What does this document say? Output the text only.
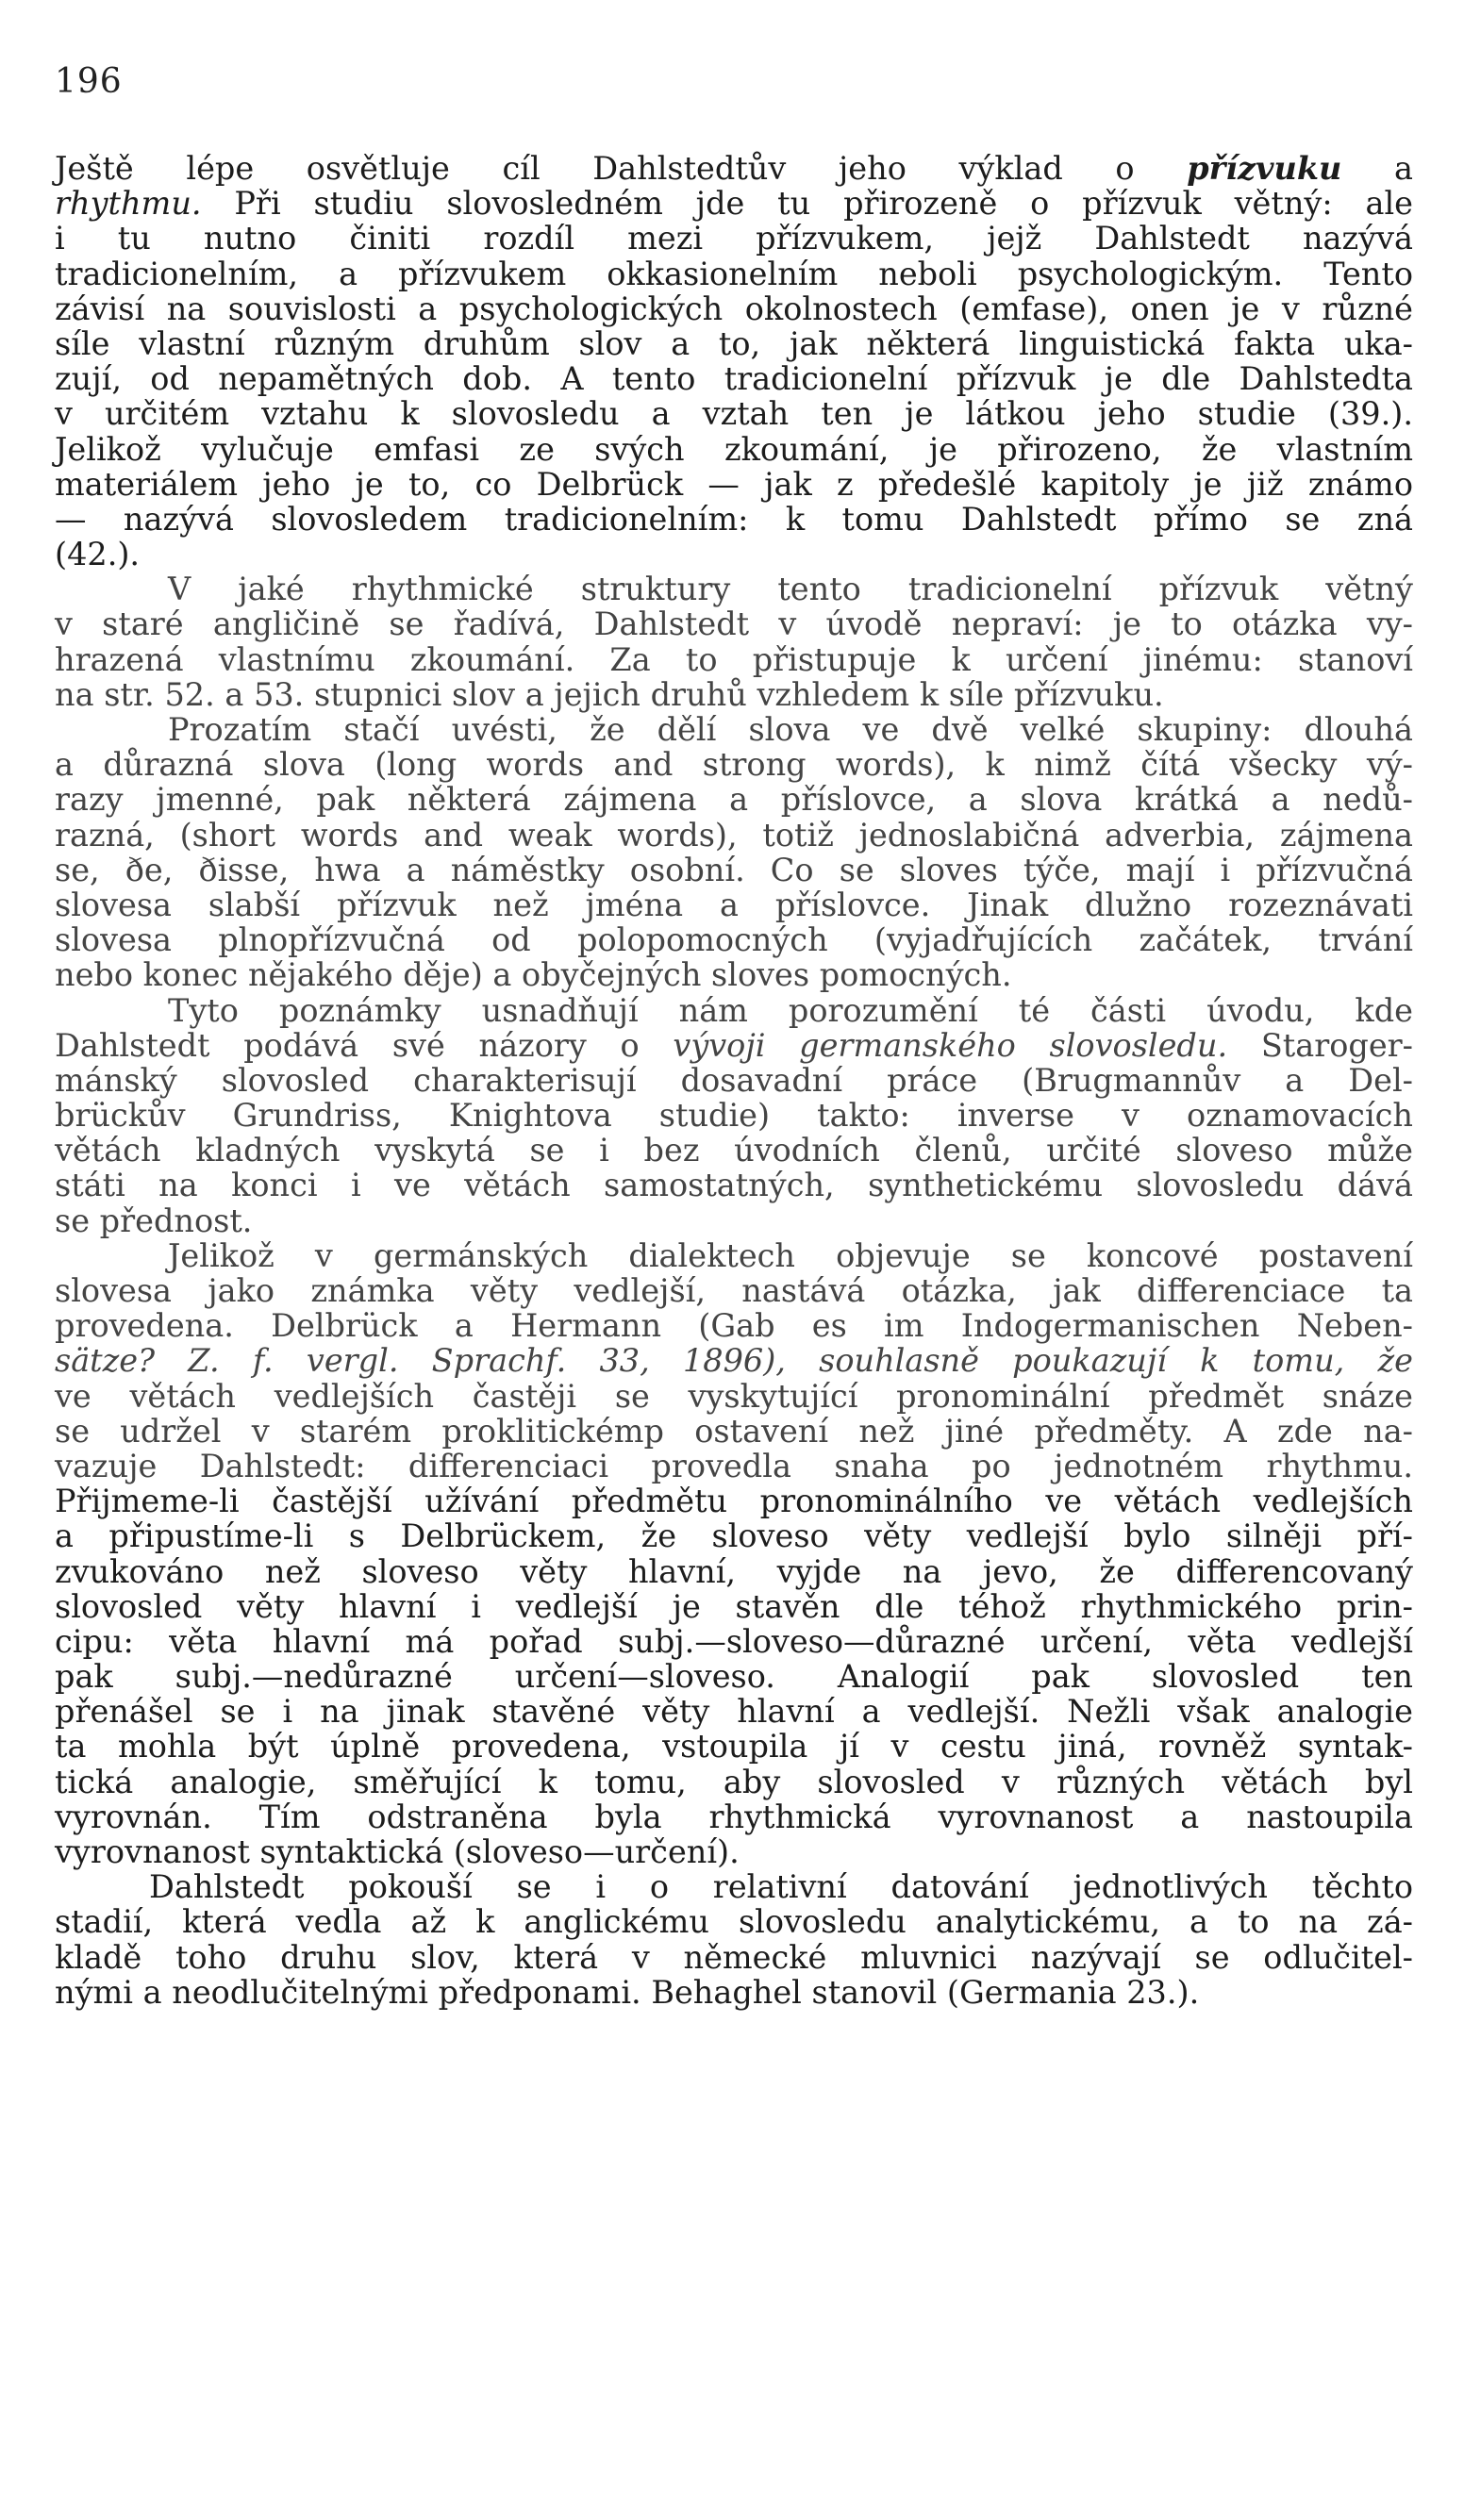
196
Ještě lépe osvětluje cíl Dahlstedtův jeho výklad o přízvuku a
rhythmu. Při studiu slovosledném jde tu přirozeně o přízvuk větný: ale
i tu nutno činiti rozdíl mezi přízvukem, jejž Dahlstedt nazývá
tradicionelním, a přízvukem okkasionelním neboli psychologickým. Tento
závisí na souvislosti a psychologických okolnostech (emfase), onen je v různé
síle vlastní různým druhům slov a to, jak některá linguistická fakta uka-
zují, od nepamětných dob. A tento tradicionelní přízvuk je dle Dahlstedta
v určitém vztahu k slovosledu a vztah ten je látkou jeho studie (39.).
Jelikož vylučuje emfasi ze svých zkoumání, je přirozeno, že vlastním
materiálem jeho je to, co Delbrück — jak z předešlé kapitoly je již známo
— nazývá slovosledem tradicionelním: k tomu Dahlstedt přímo se zná
(42.).
V jaké rhythmické struktury tento tradicionelní přízvuk větný
v staré angličině se řadívá, Dahlstedt v úvodě nepraví: je to otázka vy-
hrazená vlastnímu zkoumání. Za to přistupuje k určení jinému: stanoví
na str. 52. a 53. stupnici slov a jejich druhů vzhledem k síle přízvuku.
Prozatím stačí uvésti, že dělí slova ve dvě velké skupiny: dlouhá
a důrazná slova (long words and strong words), k nimž čítá všecky vý-
razy jmenné, pak některá zájmena a příslovce, a slova krátká a nedů-
razná, (short words and weak words), totiž jednoslabičná adverbia, zájmena
se, ðe, ðisse, hwa a náměstky osobní. Co se sloves týče, mají i přízvučná
slovesa slabší přízvuk než jména a příslovce. Jinak dlužno rozeznávati
slovesa plnopřízvučná od polopomocných (vyjadřujících začátek, trvání
nebo konec nějakého děje) a obyčejných sloves pomocných.
Tyto poznámky usnadňují nám porozumění té části úvodu, kde
Dahlstedt podává své názory o vývoji germanského slovosledu. Staroger-
mánský slovosled charakterisují dosavadní práce (Brugmannův a Del-
brückův Grundriss, Knightova studie) takto: inverse v oznamovacích
větách kladných vyskytá se i bez úvodních členů, určité sloveso může
státi na konci i ve větách samostatných, synthetickému slovosledu dává
se přednost.
Jelikož v germánských dialektech objevuje se koncové postavení
slovesa jako známka věty vedlejší, nastává otázka, jak differenciace ta
provedena. Delbrück a Hermann (Gab es im Indogermanischen Neben-
sätze? Z. f. vergl. Sprachf. 33, 1896), souhlasně poukazují k tomu, že
ve větách vedlejších častěji se vyskytující pronominální předmět snáze
se udržel v starém proklitickémp ostavení než jiné předměty. A zde na-
vazuje Dahlstedt: differenciaci provedla snaha po jednotném rhythmu.
Přijmeme-li častější užívání předmětu pronominálního ve větách vedlejších
a připustíme-li s Delbrückem, že sloveso věty vedlejší bylo silněji pří-
zvukováno než sloveso věty hlavní, vyjde na jevo, že differencovaný
slovosled věty hlavní i vedlejší je stavěn dle téhož rhythmického prin-
cipu: věta hlavní má pořad subj.—sloveso—důrazné určení, věta vedlejší
pak subj.—nedůrazné určení—sloveso. Analogií pak slovosled ten
přenášel se i na jinak stavěné věty hlavní a vedlejší. Nežli však analogie
ta mohla být úplně provedena, vstoupila jí v cestu jiná, rovněž syntak-
tická analogie, směřující k tomu, aby slovosled v různých větách byl
vyrovnán. Tím odstraněna byla rhythmická vyrovnanost a nastoupila
vyrovnanost syntaktická (sloveso—určení).
Dahlstedt pokouší se i o relativní datování jednotlivých těchto
stadií, která vedla až k anglickému slovosledu analytickému, a to na zá-
kladě toho druhu slov, která v německé mluvnici nazývají se odlučitel-
nými a neodlučitelnými předponami. Behaghel stanovil (Germania 23.).
